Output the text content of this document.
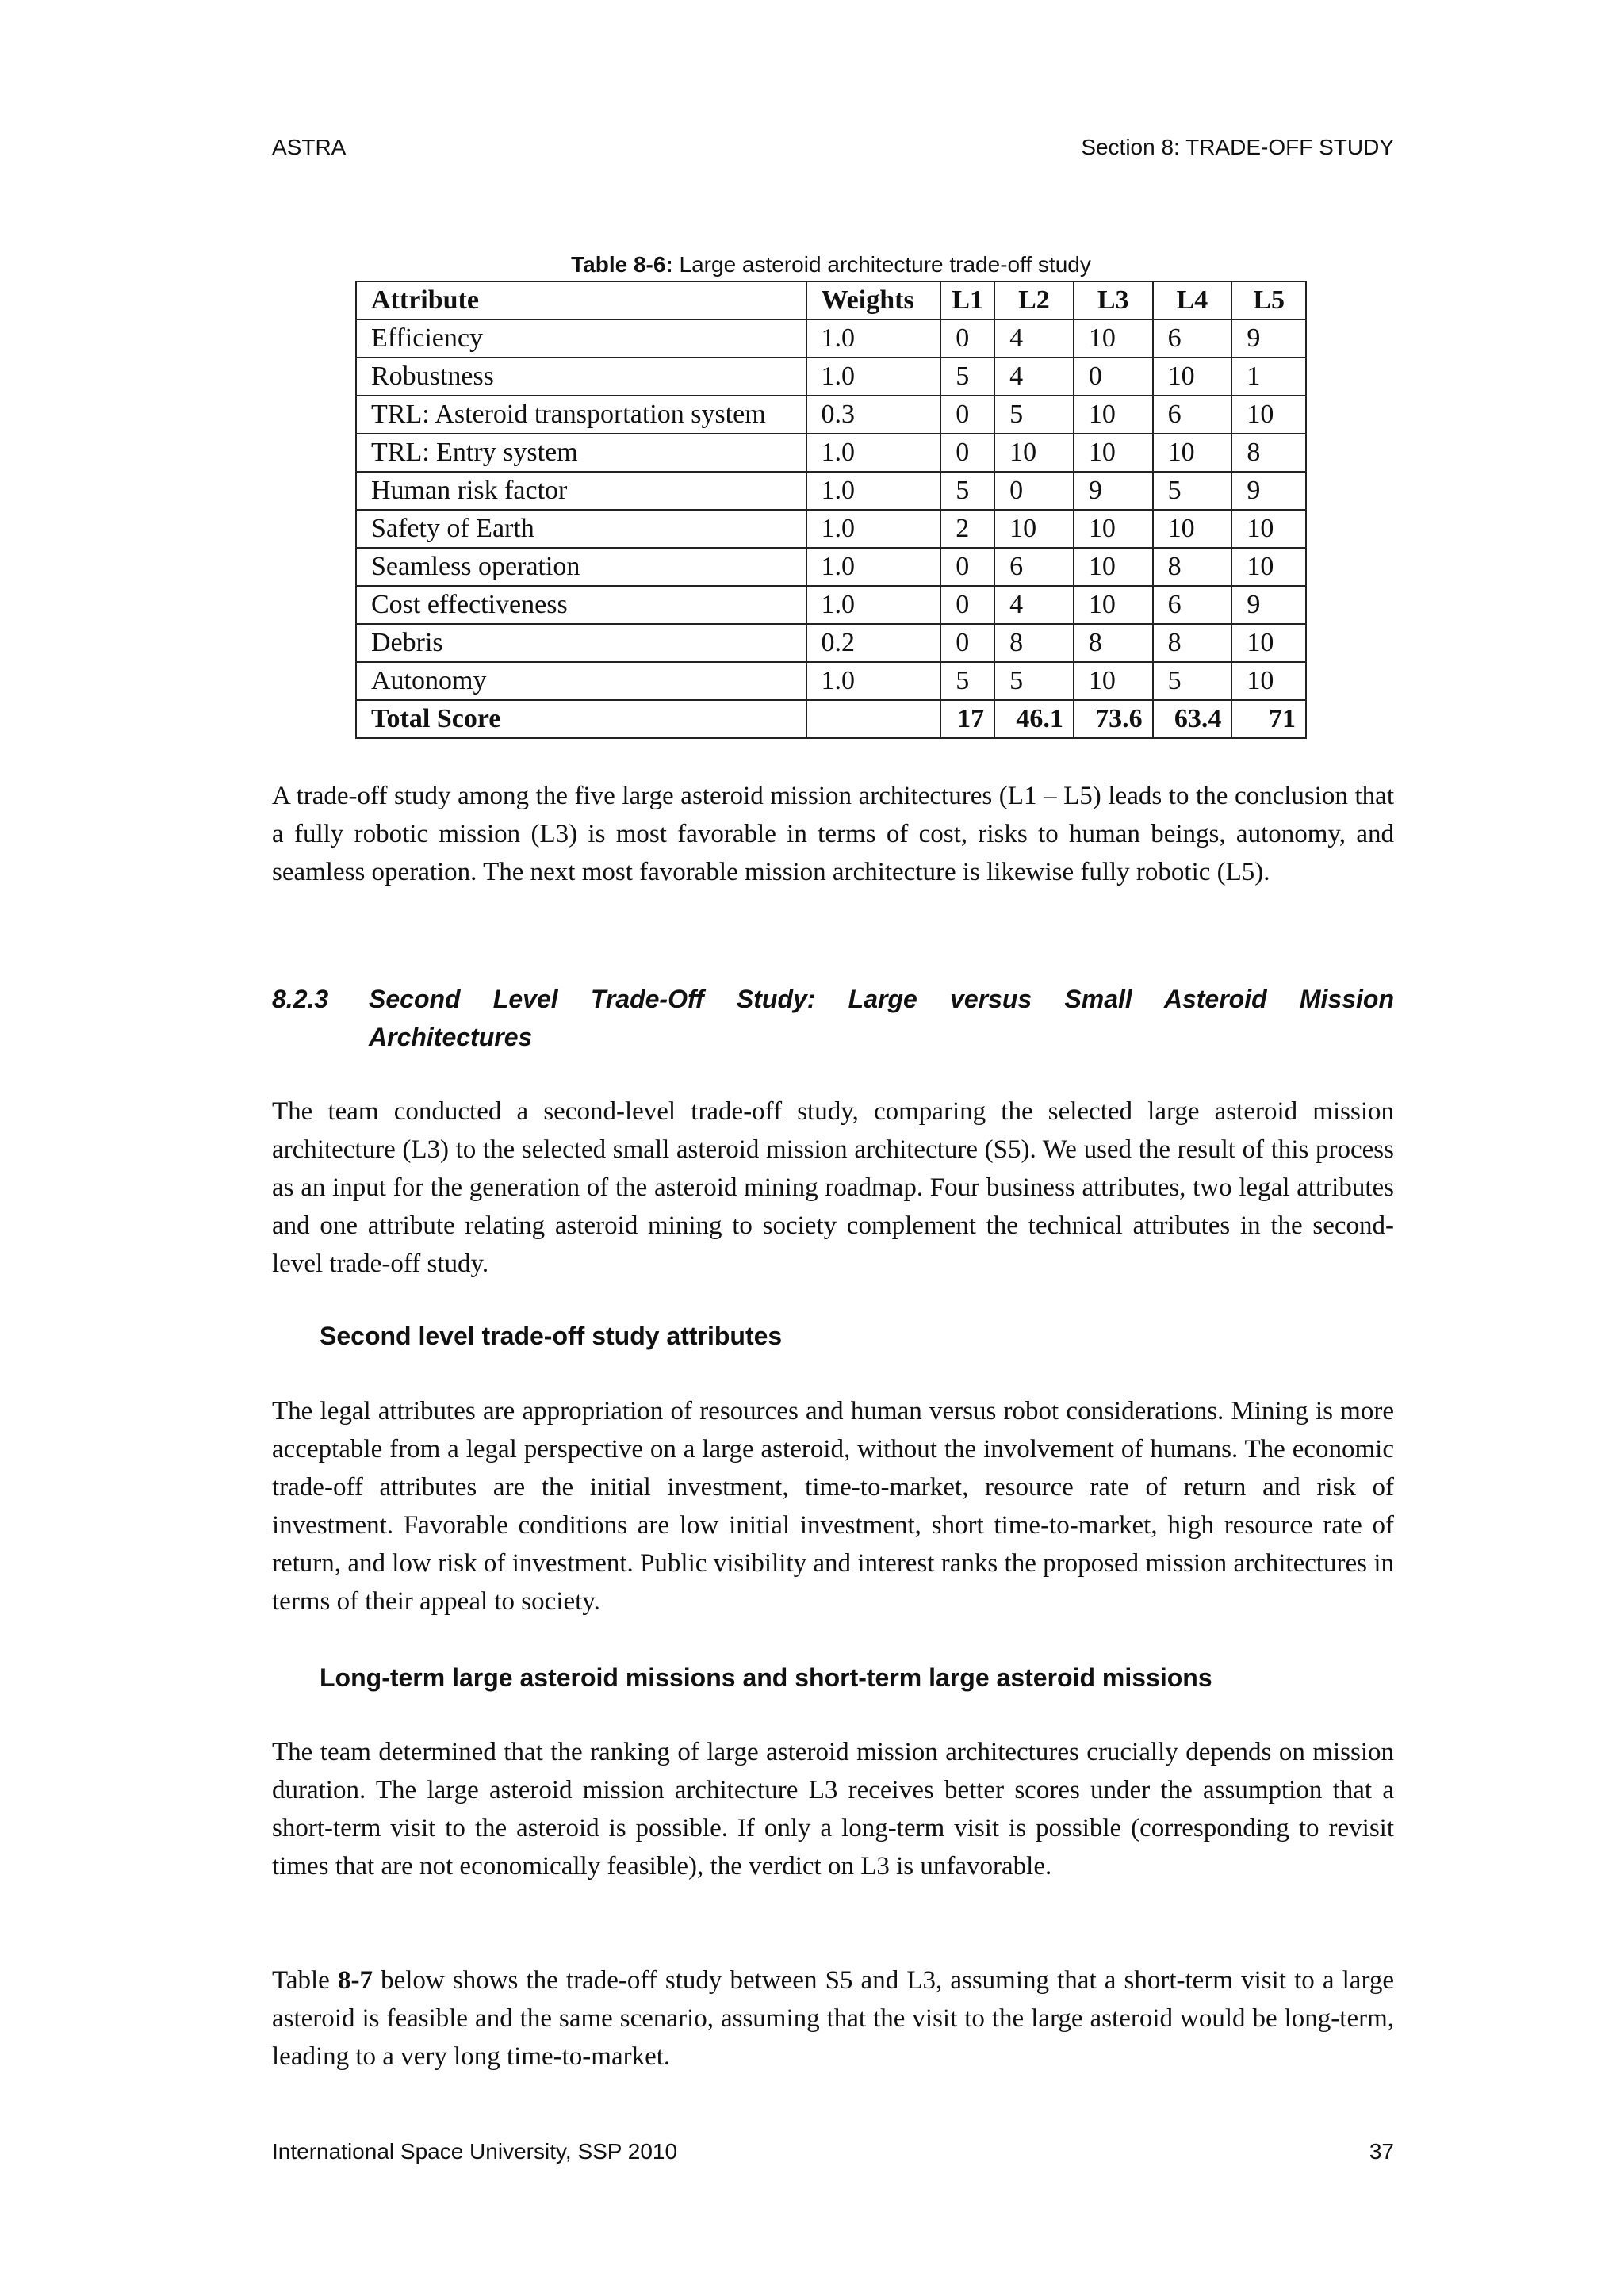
ASTRA	Section 8: TRADE-OFF STUDY
Table 8-6: Large asteroid architecture trade-off study
Attribute	Weights	L1	L2	L3	L4	L5
Efficiency	1.0	0	4	10	6	9
Robustness	1.0	5	4	0	10	1
TRL: Asteroid transportation system	0.3	0	5	10	6	10
TRL: Entry system	1.0	0	10	10	10	8
Human risk factor	1.0	5	0	9	5	9
Safety of Earth	1.0	2	10	10	10	10
Seamless operation	1.0	0	6	10	8	10
Cost effectiveness	1.0	0	4	10	6	9
Debris	0.2	0	8	8	8	10
Autonomy	1.0	5	5	10	5	10
Total Score		17	46.1	73.6	63.4	71

A trade-off study among the five large asteroid mission architectures (L1 – L5) leads to the conclusion that a fully robotic mission (L3) is most favorable in terms of cost, risks to human beings, autonomy, and seamless operation. The next most favorable mission architecture is likewise fully robotic (L5).

8.2.3 Second Level Trade-Off Study: Large versus Small Asteroid Mission
Architectures

The team conducted a second-level trade-off study, comparing the selected large asteroid mission architecture (L3) to the selected small asteroid mission architecture (S5). We used the result of this process as an input for the generation of the asteroid mining roadmap. Four business attributes, two legal attributes and one attribute relating asteroid mining to society complement the technical attributes in the second-level trade-off study.

Second level trade-off study attributes

The legal attributes are appropriation of resources and human versus robot considerations. Mining is more acceptable from a legal perspective on a large asteroid, without the involvement of humans. The economic trade-off attributes are the initial investment, time-to-market, resource rate of return and risk of investment. Favorable conditions are low initial investment, short time-to-market, high resource rate of return, and low risk of investment. Public visibility and interest ranks the proposed mission architectures in terms of their appeal to society.

Long-term large asteroid missions and short-term large asteroid missions

The team determined that the ranking of large asteroid mission architectures crucially depends on mission duration. The large asteroid mission architecture L3 receives better scores under the assumption that a short-term visit to the asteroid is possible. If only a long-term visit is possible (corresponding to revisit times that are not economically feasible), the verdict on L3 is unfavorable.

Table 8-7 below shows the trade-off study between S5 and L3, assuming that a short-term visit to a large asteroid is feasible and the same scenario, assuming that the visit to the large asteroid would be long-term, leading to a very long time-to-market.

International Space University, SSP 2010	37
